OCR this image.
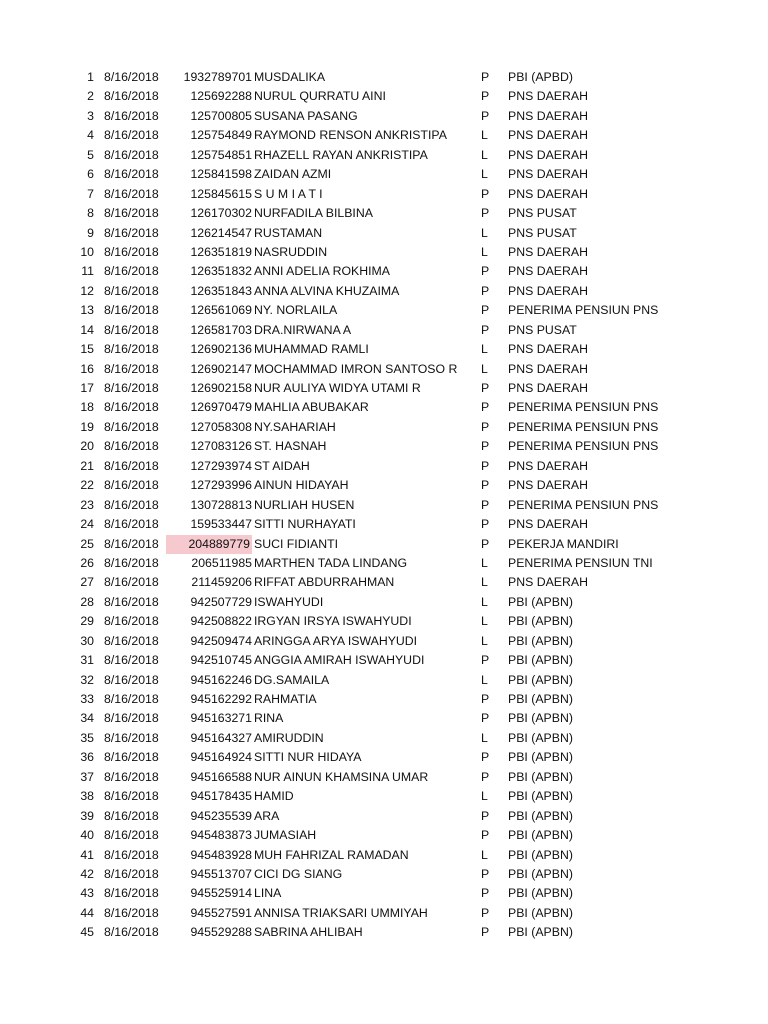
1 8/16/2018	1932789701 MUSDALIKA	P	PBI (APBD)
2 8/16/2018	125692288 NURUL QURRATU AINI	P	PNS DAERAH
3 8/16/2018	125700805 SUSANA PASANG	P	PNS DAERAH
4 8/16/2018	125754849 RAYMOND RENSON ANKRISTIPA	L	PNS DAERAH
5 8/16/2018	125754851 RHAZELL RAYAN ANKRISTIPA	L	PNS DAERAH
6 8/16/2018	125841598 ZAIDAN AZMI	L	PNS DAERAH
7 8/16/2018	125845615 S U M I A T I	P	PNS DAERAH
8 8/16/2018	126170302 NURFADILA BILBINA	P	PNS PUSAT
9 8/16/2018	126214547 RUSTAMAN	L	PNS PUSAT
10 8/16/2018	126351819 NASRUDDIN	L	PNS DAERAH
11 8/16/2018	126351832 ANNI ADELIA ROKHIMA	P	PNS DAERAH
12 8/16/2018	126351843 ANNA ALVINA KHUZAIMA	P	PNS DAERAH
13 8/16/2018	126561069 NY. NORLAILA	P	PENERIMA PENSIUN PNS
14 8/16/2018	126581703 DRA.NIRWANA A	P	PNS PUSAT
15 8/16/2018	126902136 MUHAMMAD RAMLI	L	PNS DAERAH
16 8/16/2018	126902147 MOCHAMMAD IMRON SANTOSO R	L	PNS DAERAH
17 8/16/2018	126902158 NUR AULIYA WIDYA UTAMI R	P	PNS DAERAH
18 8/16/2018	126970479 MAHLIA ABUBAKAR	P	PENERIMA PENSIUN PNS
19 8/16/2018	127058308 NY.SAHARIAH	P	PENERIMA PENSIUN PNS
20 8/16/2018	127083126 ST. HASNAH	P	PENERIMA PENSIUN PNS
21 8/16/2018	127293974 ST AIDAH	P	PNS DAERAH
22 8/16/2018	127293996 AINUN HIDAYAH	P	PNS DAERAH
23 8/16/2018	130728813 NURLIAH HUSEN	P	PENERIMA PENSIUN PNS
24 8/16/2018	159533447 SITTI NURHAYATI	P	PNS DAERAH
25 8/16/2018	204889779 SUCI FIDIANTI	P	PEKERJA MANDIRI
26 8/16/2018	206511985 MARTHEN TADA LINDANG	L	PENERIMA PENSIUN TNI
27 8/16/2018	211459206 RIFFAT ABDURRAHMAN	L	PNS DAERAH
28 8/16/2018	942507729 ISWAHYUDI	L	PBI (APBN)
29 8/16/2018	942508822 IRGYAN IRSYA ISWAHYUDI	L	PBI (APBN)
30 8/16/2018	942509474 ARINGGA ARYA ISWAHYUDI	L	PBI (APBN)
31 8/16/2018	942510745 ANGGIA AMIRAH ISWAHYUDI	P	PBI (APBN)
32 8/16/2018	945162246 DG.SAMAILA	L	PBI (APBN)
33 8/16/2018	945162292 RAHMATIA	P	PBI (APBN)
34 8/16/2018	945163271 RINA	P	PBI (APBN)
35 8/16/2018	945164327 AMIRUDDIN	L	PBI (APBN)
36 8/16/2018	945164924 SITTI NUR HIDAYA	P	PBI (APBN)
37 8/16/2018	945166588 NUR AINUN KHAMSINA UMAR	P	PBI (APBN)
38 8/16/2018	945178435 HAMID	L	PBI (APBN)
39 8/16/2018	945235539 ARA	P	PBI (APBN)
40 8/16/2018	945483873 JUMASIAH	P	PBI (APBN)
41 8/16/2018	945483928 MUH FAHRIZAL RAMADAN	L	PBI (APBN)
42 8/16/2018	945513707 CICI DG SIANG	P	PBI (APBN)
43 8/16/2018	945525914 LINA	P	PBI (APBN)
44 8/16/2018	945527591 ANNISA TRIAKSARI UMMIYAH	P	PBI (APBN)
45 8/16/2018	945529288 SABRINA AHLIBAH	P	PBI (APBN)
